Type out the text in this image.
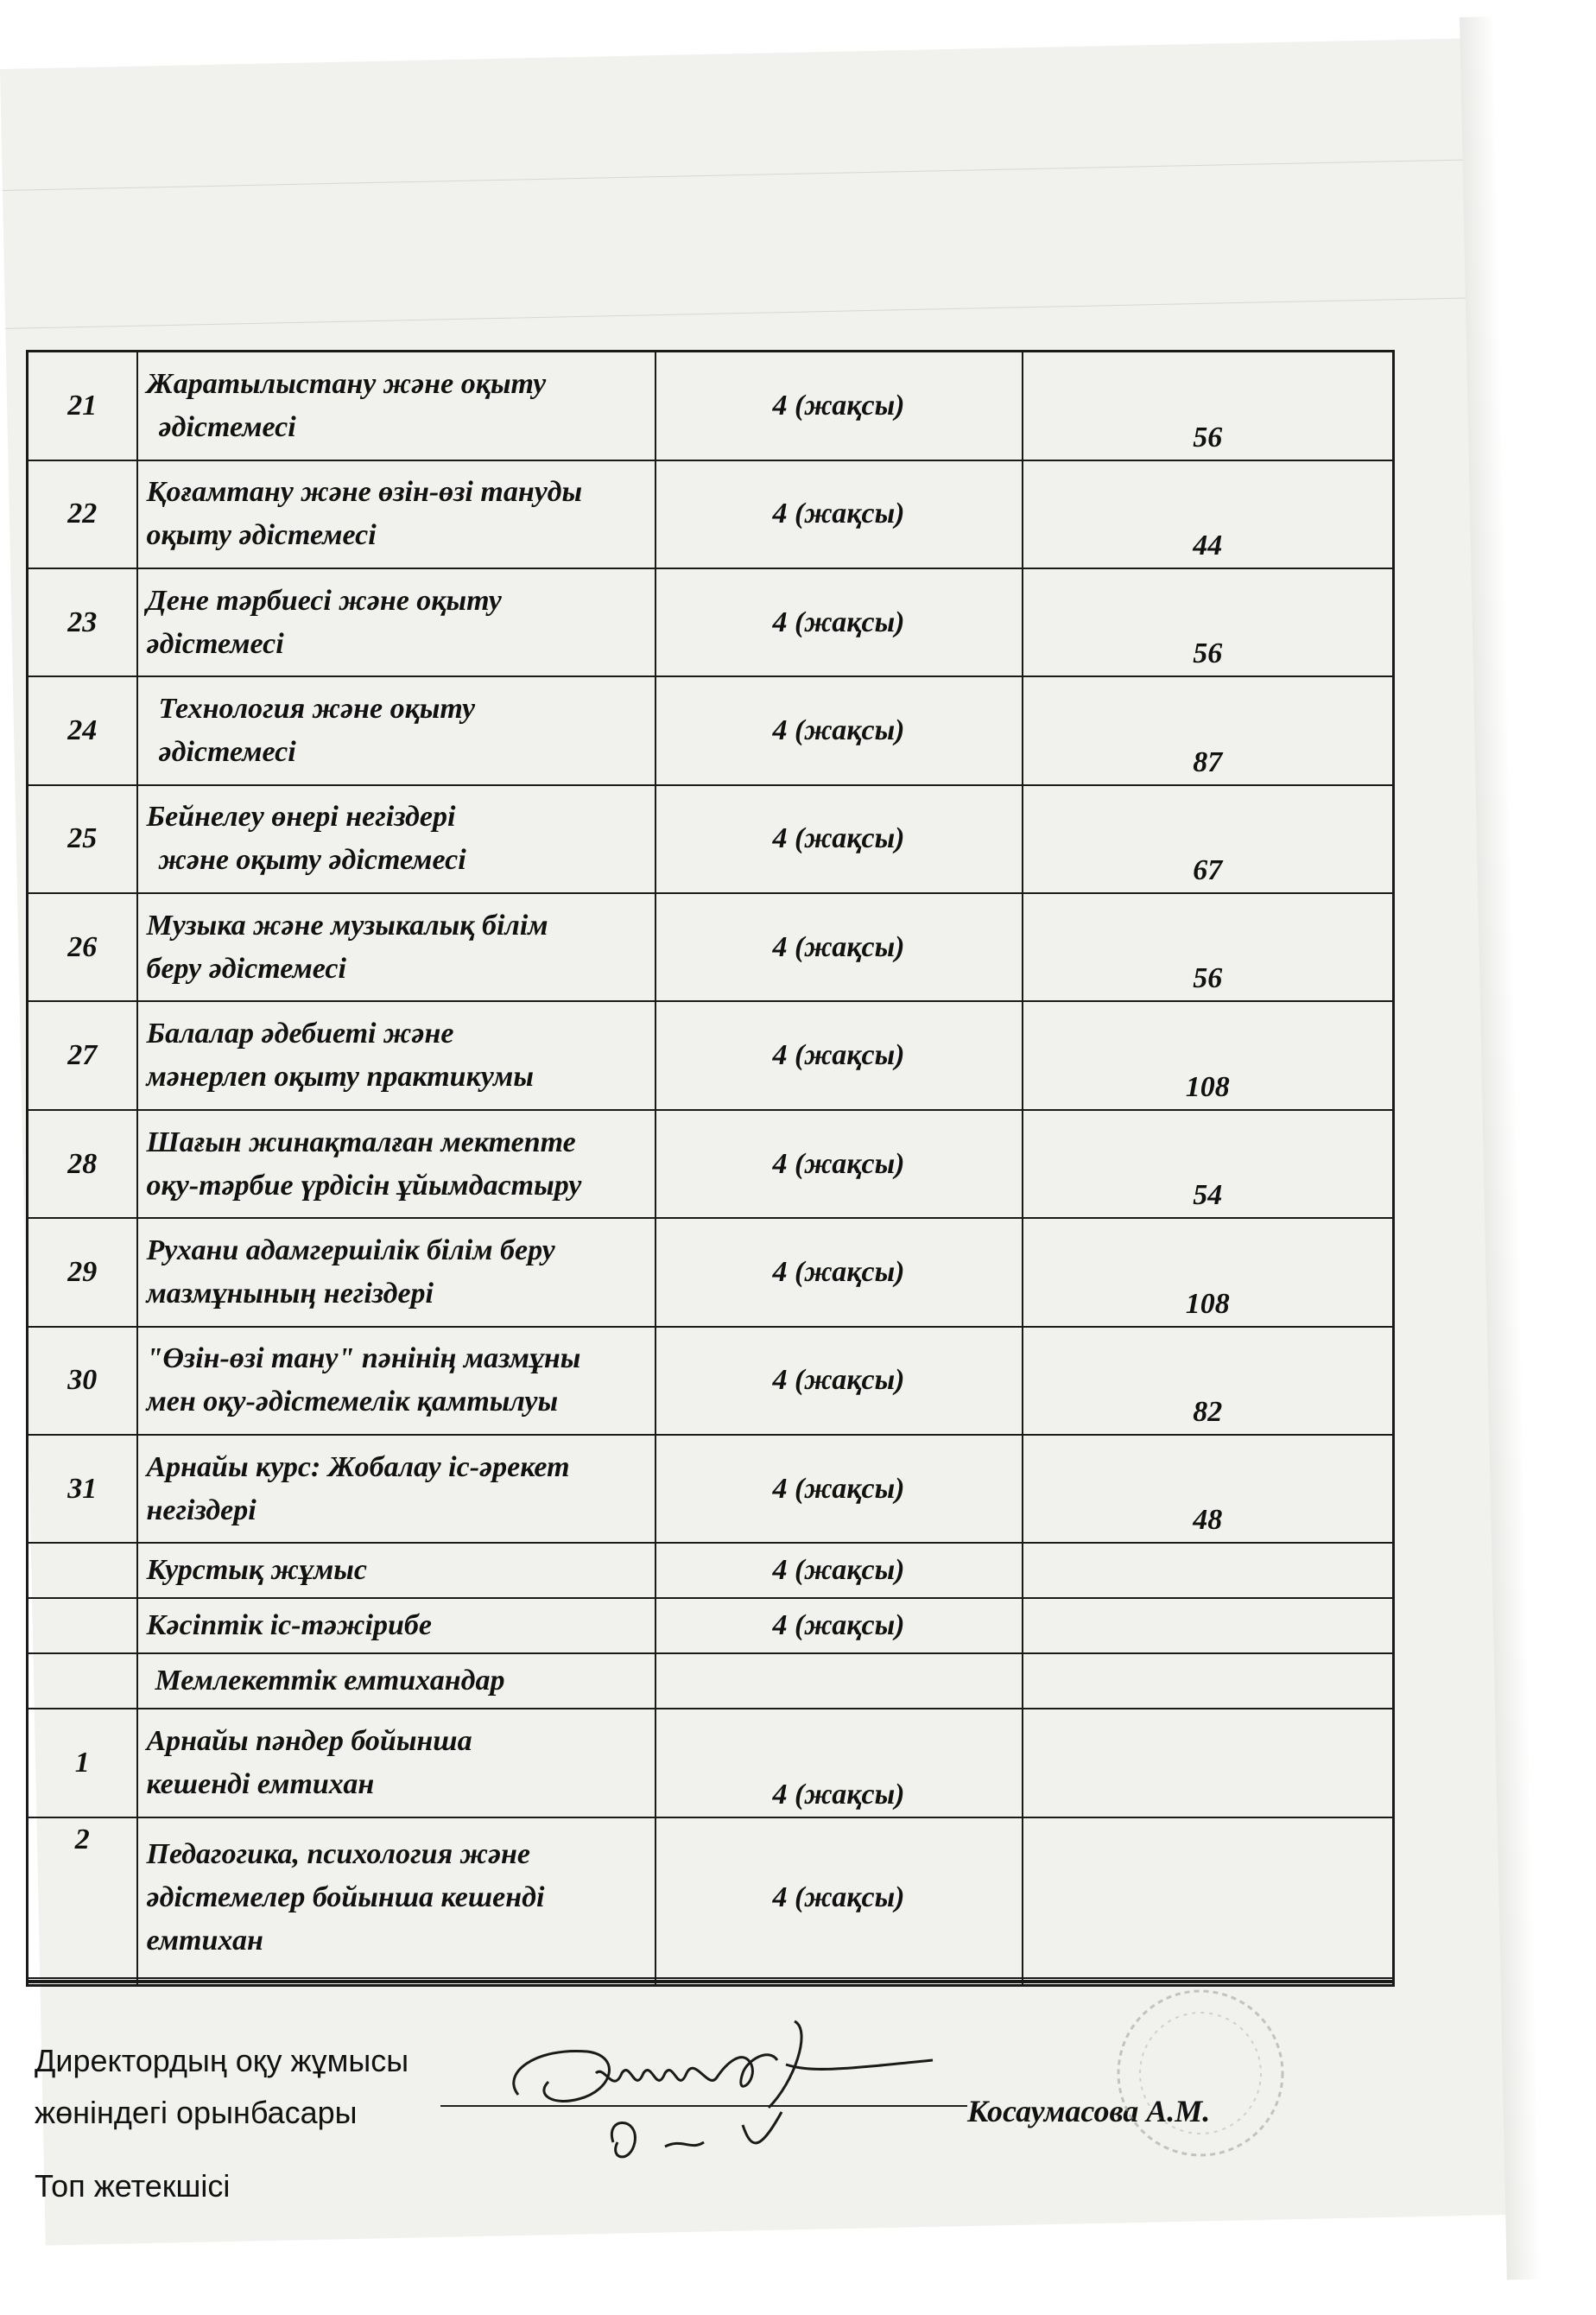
21	Жаратылыстану және оқыту
әдістемесі	4 (жақсы)	56
22	Қоғамтану және өзін-өзі тануды
оқыту әдістемесі	4 (жақсы)	44
23	Дене тәрбиесі және оқыту
әдістемесі	4 (жақсы)	56
24	Технология және оқыту
әдістемесі	4 (жақсы)	87
25	Бейнелеу өнері негіздері
және оқыту әдістемесі	4 (жақсы)	67
26	Музыка және музыкалық білім
беру әдістемесі	4 (жақсы)	56
27	Балалар әдебиеті және
мәнерлеп оқыту практикумы	4 (жақсы)	108
28	Шағын жинақталған мектепте
оқу-тәрбие үрдісін ұйымдастыру	4 (жақсы)	54
29	Рухани адамгершілік білім беру
мазмұнының негіздері	4 (жақсы)	108
30	"Өзін-өзі тану" пәнінің мазмұны
мен оқу-әдістемелік қамтылуы	4 (жақсы)	82
31	Арнайы курс: Жобалау іс-әрекет
негіздері	4 (жақсы)	48
	Курстық жұмыс	4 (жақсы)	
	Кәсіптік іс-тәжірибе	4 (жақсы)	

	Мемлекеттік емтихандар		

1	Арнайы пәндер бойынша
кешенді емтихан	4 (жақсы)	
2	Педагогика, психология және
әдістемелер бойынша кешенді
емтихан	4 (жақсы)	

Директордың оқу жұмысы
жөніндегі орынбасары	Косаумасова А.М.
Топ жетекшісі
